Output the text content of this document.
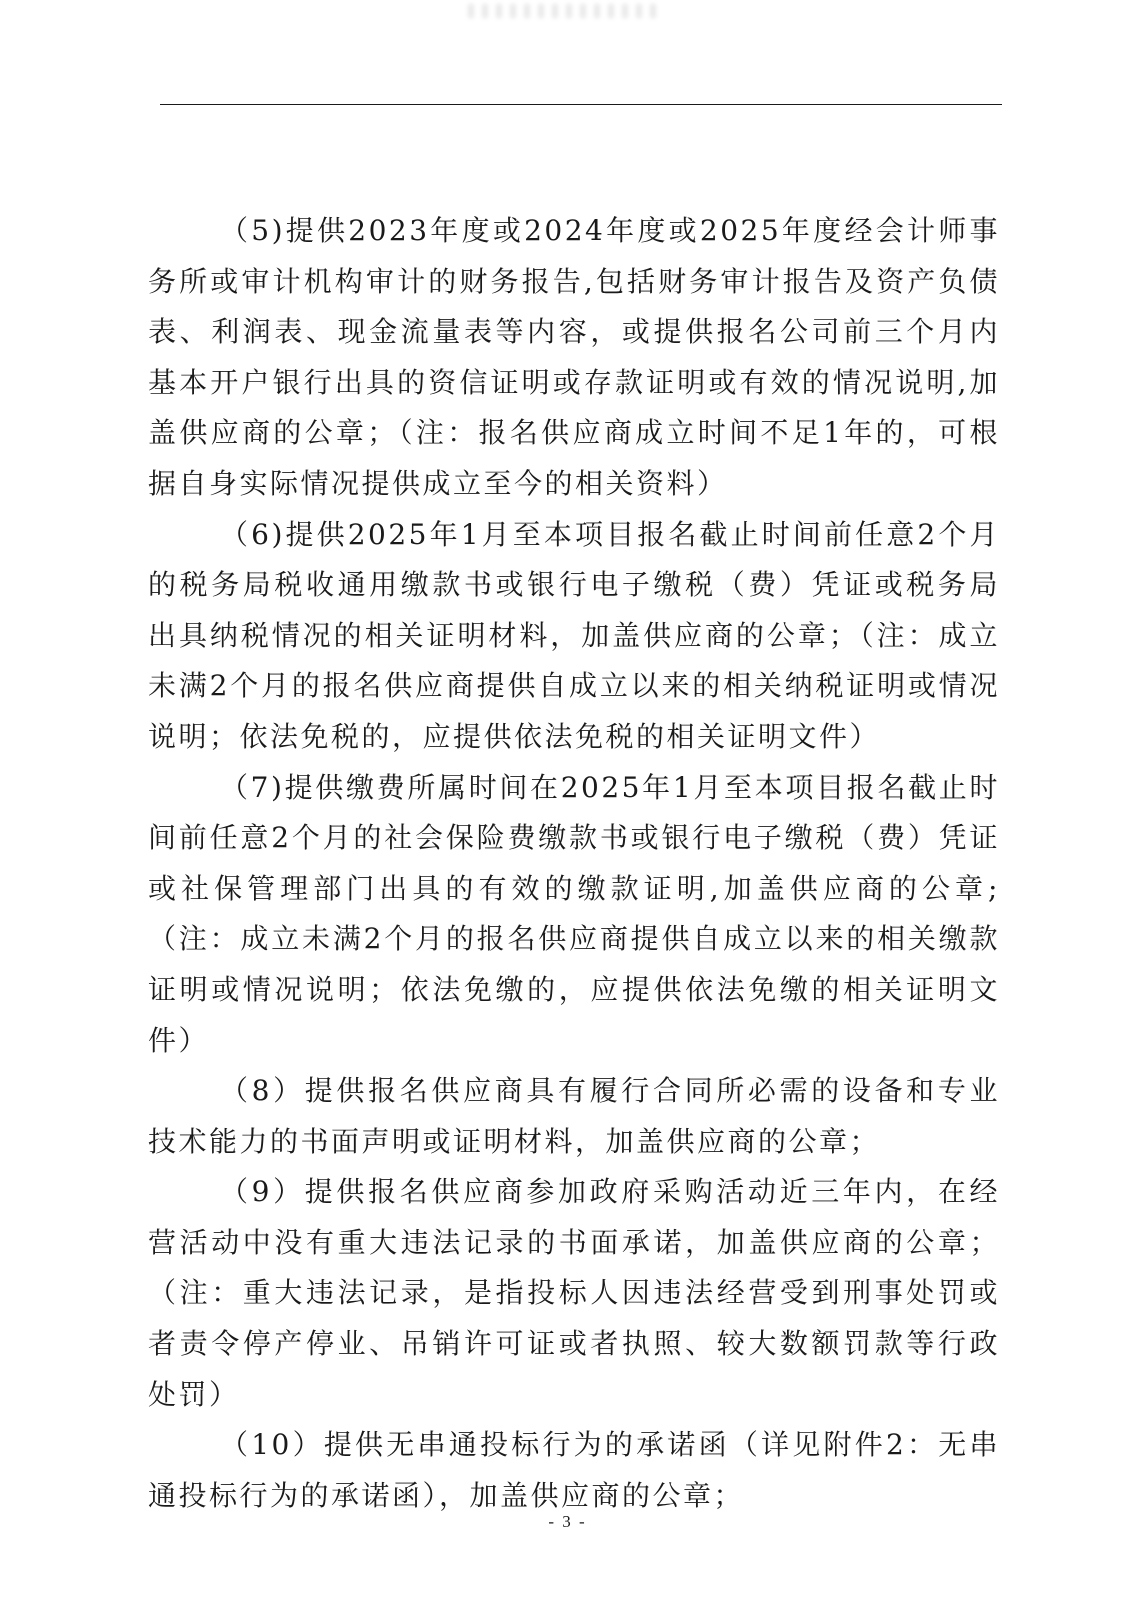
（5)提供2023年度或2024年度或2025年度经会计师事务所或审计机构审计的财务报告,包括财务审计报告及资产负债表、利润表、现金流量表等内容，或提供报名公司前三个月内基本开户银行出具的资信证明或存款证明或有效的情况说明,加盖供应商的公章；（注：报名供应商成立时间不足1年的，可根据自身实际情况提供成立至今的相关资料）

（6)提供2025年1月至本项目报名截止时间前任意2个月的税务局税收通用缴款书或银行电子缴税（费）凭证或税务局出具纳税情况的相关证明材料，加盖供应商的公章；（注：成立未满2个月的报名供应商提供自成立以来的相关纳税证明或情况说明；依法免税的，应提供依法免税的相关证明文件）

（7)提供缴费所属时间在2025年1月至本项目报名截止时间前任意2个月的社会保险费缴款书或银行电子缴税（费）凭证或社保管理部门出具的有效的缴款证明,加盖供应商的公章;（注：成立未满2个月的报名供应商提供自成立以来的相关缴款证明或情况说明；依法免缴的，应提供依法免缴的相关证明文件）

（8）提供报名供应商具有履行合同所必需的设备和专业技术能力的书面声明或证明材料，加盖供应商的公章；

（9）提供报名供应商参加政府采购活动近三年内，在经营活动中没有重大违法记录的书面承诺，加盖供应商的公章；（注：重大违法记录，是指投标人因违法经营受到刑事处罚或者责令停产停业、吊销许可证或者执照、较大数额罚款等行政处罚）

（10）提供无串通投标行为的承诺函（详见附件2：无串通投标行为的承诺函），加盖供应商的公章；

- 3 -
